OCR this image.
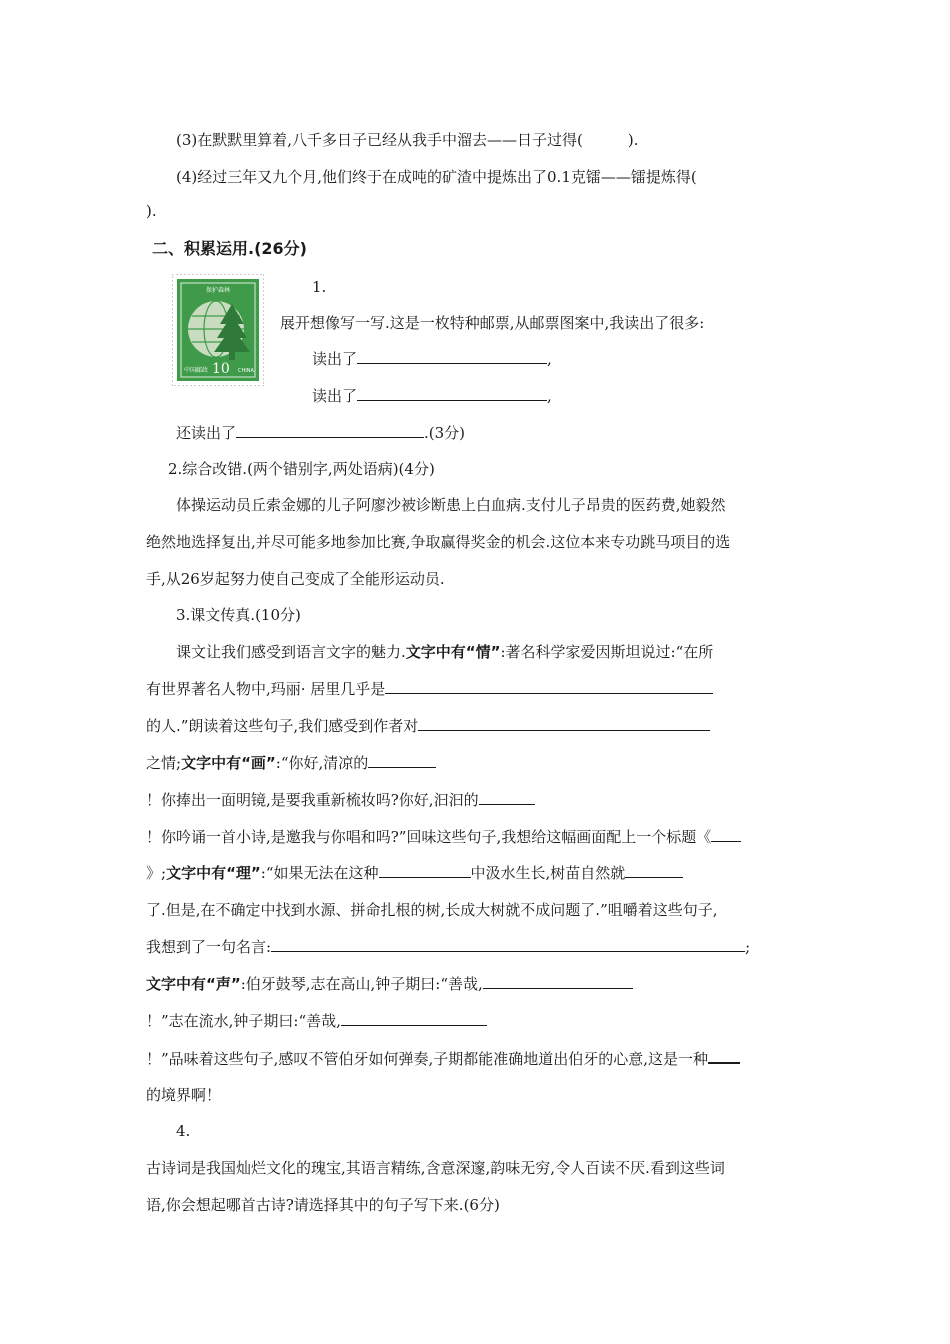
(3)在默默里算着,八千多日子已经从我手中溜去——日子过得(　　　).
(4)经过三年又九个月,他们终于在成吨的矿渣中提炼出了0.1克镭——镭提炼得(
).
二、积累运用.(26分)
保护森林
中国邮政 10 CHINA
1.
展开想像写一写.这是一枚特种邮票,从邮票图案中,我读出了很多:
读出了	,
读出了	,
还读出了	.(3分)
2.综合改错.(两个错别字,两处语病)(4分)
体操运动员丘索金娜的儿子阿廖沙被诊断患上白血病.支付儿子昂贵的医药费,她毅然
绝然地选择复出,并尽可能多地参加比赛,争取赢得奖金的机会.这位本来专功跳马项目的选
手,从26岁起努力使自己变成了全能形运动员.
3.课文传真.(10分)
课文让我们感受到语言文字的魅力.文字中有“情”:著名科学家爱因斯坦说过:“在所
有世界著名人物中,玛丽· 居里几乎是
的人.”朗读着这些句子,我们感受到作者对
之情;文字中有“画”:“你好,清凉的
！你捧出一面明镜,是要我重新梳妆吗?你好,汩汩的
！你吟诵一首小诗,是邀我与你唱和吗?”回味这些句子,我想给这幅画面配上一个标题《
》;文字中有“理”:“如果无法在这种	中汲水生长,树苗自然就
了.但是,在不确定中找到水源、拼命扎根的树,长成大树就不成问题了.”咀嚼着这些句子,
我想到了一句名言:	;
文字中有“声”:伯牙鼓琴,志在高山,钟子期曰:“善哉,
！”志在流水,钟子期曰:“善哉,
！”品味着这些句子,感叹不管伯牙如何弹奏,子期都能准确地道出伯牙的心意,这是一种
的境界啊！
4.
古诗词是我国灿烂文化的瑰宝,其语言精练,含意深邃,韵味无穷,令人百读不厌.看到这些词
语,你会想起哪首古诗?请选择其中的句子写下来.(6分)
